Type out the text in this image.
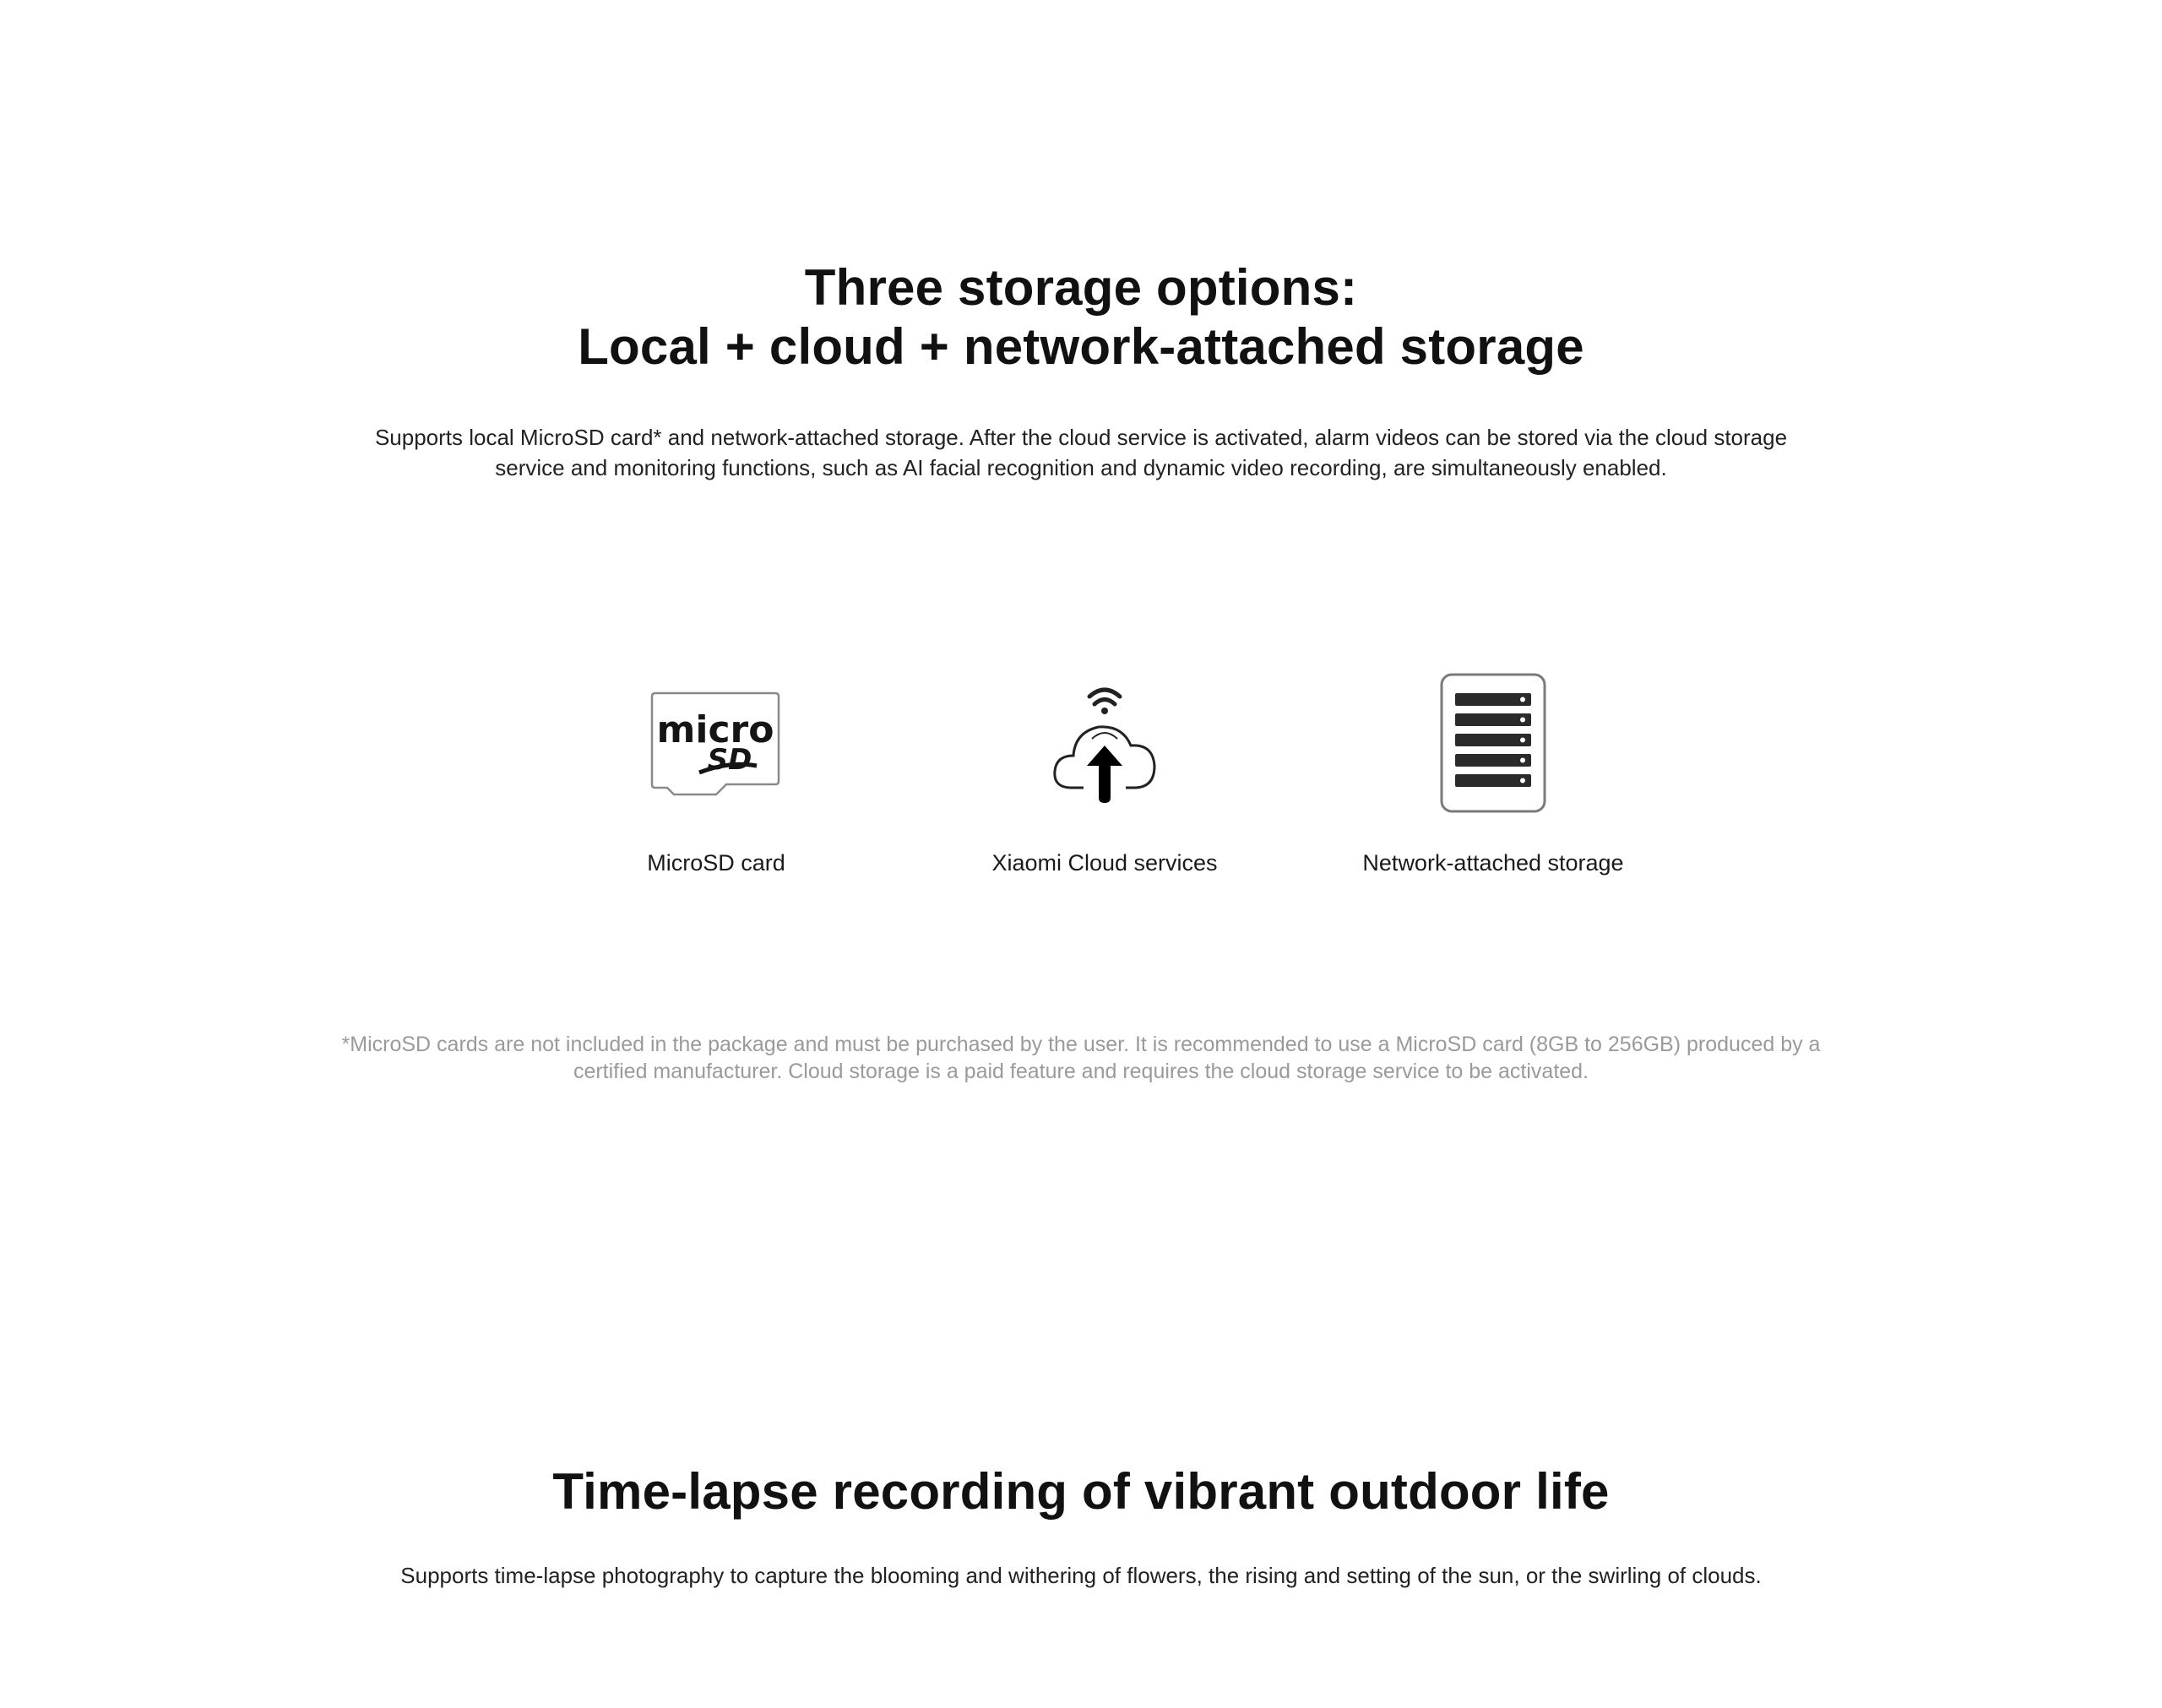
Three storage options:
Local + cloud + network-attached storage

Supports local MicroSD card* and network-attached storage. After the cloud service is activated, alarm videos can be stored via the cloud storage service and monitoring functions, such as AI facial recognition and dynamic video recording, are simultaneously enabled.

micro
SD
MicroSD card	Xiaomi Cloud services	Network-attached storage

*MicroSD cards are not included in the package and must be purchased by the user. It is recommended to use a MicroSD card (8GB to 256GB) produced by a certified manufacturer. Cloud storage is a paid feature and requires the cloud storage service to be activated.

Time-lapse recording of vibrant outdoor life

Supports time-lapse photography to capture the blooming and withering of flowers, the rising and setting of the sun, or the swirling of clouds.
